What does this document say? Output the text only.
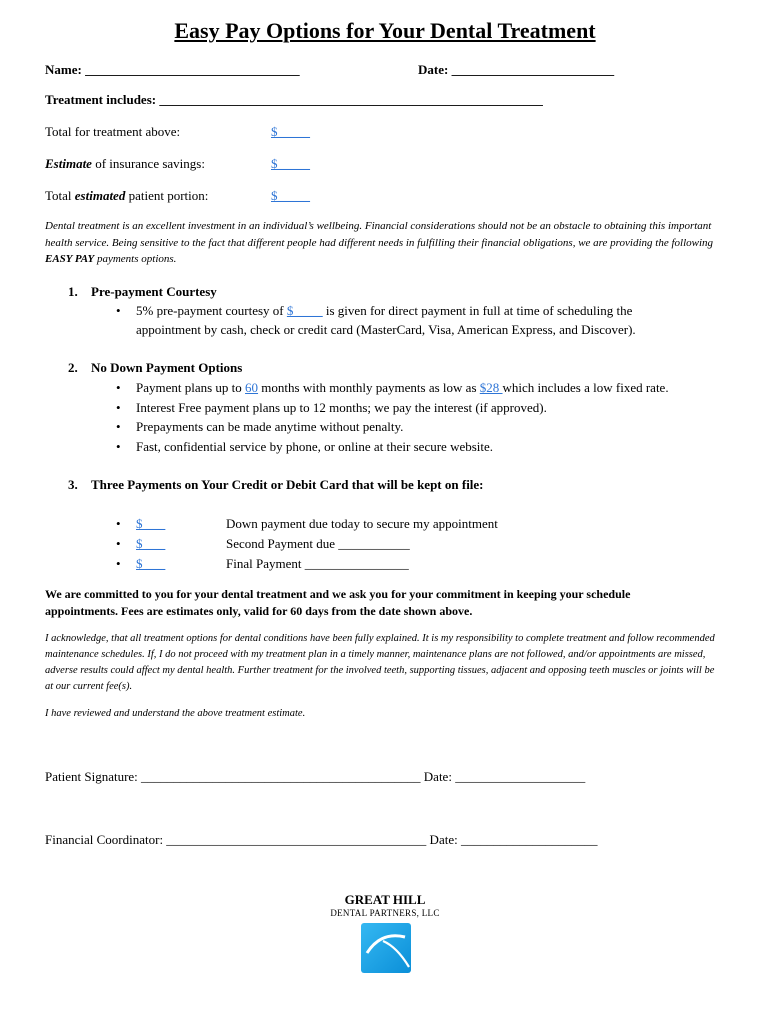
Easy Pay Options for Your Dental Treatment
Name: _________________________________	Date: _________________________
Treatment includes: ___________________________________________________________
Total for treatment above:	$_____
Estimate of insurance savings:	$_____
Total estimated patient portion:	$_____
Dental treatment is an excellent investment in an individual’s wellbeing. Financial considerations should not be an obstacle to obtaining this important health service. Being sensitive to the fact that different people had different needs in fulfilling their financial obligations, we are providing the following EASY PAY payments options.
1. Pre-payment Courtesy
• 5% pre-payment courtesy of $ ____ is given for direct payment in full at time of scheduling the
appointment by cash, check or credit card (MasterCard, Visa, American Express, and Discover).
2. No Down Payment Options
• Payment plans up to 60 months with monthly payments as low as $28 which includes a low fixed rate.
• Interest Free payment plans up to 12 months; we pay the interest (if approved).
• Prepayments can be made anytime without penalty.
• Fast, confidential service by phone, or online at their secure website.
3. Three Payments on Your Credit or Debit Card that will be kept on file:
• $ ___	Down payment due today to secure my appointment
• $ ___	Second Payment due ___________
• $ ___	Final Payment ________________
We are committed to you for your dental treatment and we ask you for your commitment in keeping your schedule
appointments. Fees are estimates only, valid for 60 days from the date shown above.
I acknowledge, that all treatment options for dental conditions have been fully explained. It is my responsibility to complete treatment and follow recommended maintenance schedules. If, I do not proceed with my treatment plan in a timely manner, maintenance plans are not followed, and/or appointments are missed, adverse results could affect my dental health. Further treatment for the involved teeth, supporting tissues, adjacent and opposing teeth muscles or joints will be at our current fee(s).
I have reviewed and understand the above treatment estimate.
Patient Signature: ___________________________________________ Date: ____________________
Financial Coordinator: ________________________________________ Date: _____________________
GREAT HILL
DENTAL PARTNERS, LLC
